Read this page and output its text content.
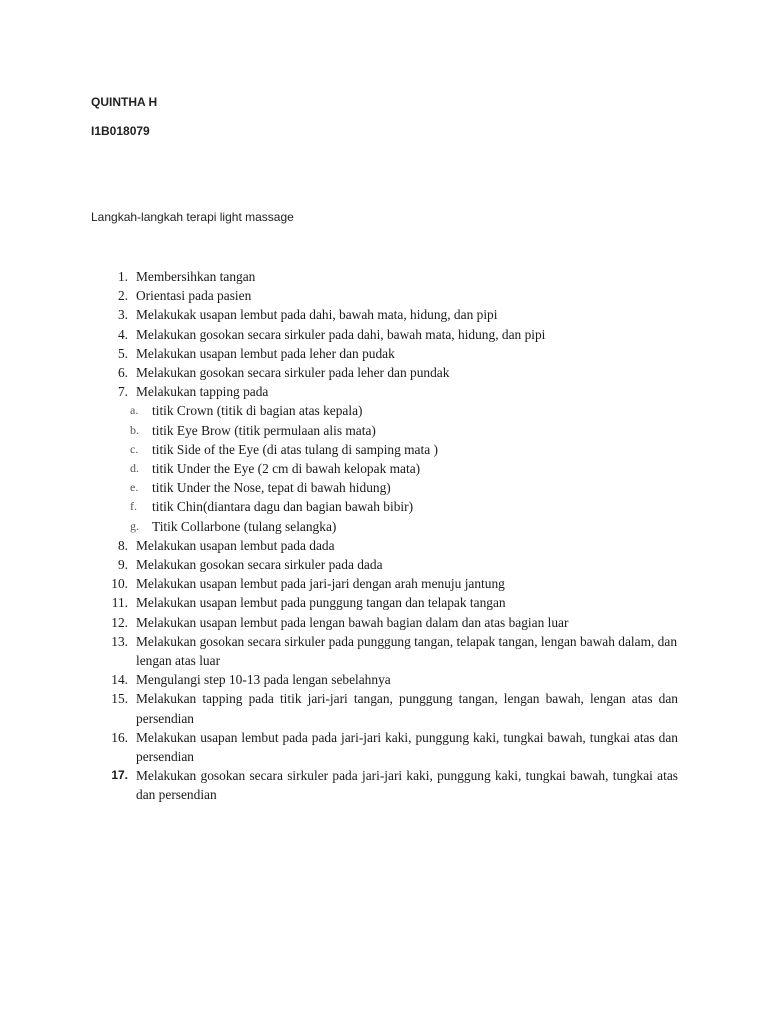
QUINTHA H
I1B018079
Langkah-langkah terapi light massage
1. Membersihkan tangan
2. Orientasi pada pasien
3. Melakukak usapan lembut pada dahi, bawah mata, hidung, dan pipi
4. Melakukan gosokan secara sirkuler pada dahi, bawah mata, hidung, dan pipi
5. Melakukan usapan lembut pada leher dan pudak
6. Melakukan gosokan secara sirkuler pada leher dan pundak
7. Melakukan tapping pada
a.	titik Crown (titik di bagian atas kepala)
b. titik Eye Brow (titik permulaan alis mata)
c.	titik Side of the Eye (di atas tulang di samping mata )
d. titik Under the Eye (2 cm di bawah kelopak mata)
e.	titik Under the Nose, tepat di bawah hidung)
f.	titik Chin(diantara dagu dan bagian bawah bibir)
g. Titik Collarbone (tulang selangka)
8. Melakukan usapan lembut pada dada
9. Melakukan gosokan secara sirkuler pada dada
10. Melakukan usapan lembut pada jari-jari dengan arah menuju jantung
11. Melakukan usapan lembut pada punggung tangan dan telapak tangan
12. Melakukan usapan lembut pada lengan bawah bagian dalam dan atas bagian luar
13. Melakukan gosokan secara sirkuler pada punggung tangan, telapak tangan, lengan bawah dalam, dan lengan atas luar
14. Mengulangi step 10-13 pada lengan sebelahnya
15. Melakukan tapping pada titik jari-jari tangan, punggung tangan, lengan bawah, lengan atas dan persendian
16. Melakukan usapan lembut pada pada jari-jari kaki, punggung kaki, tungkai bawah, tungkai atas dan persendian
17. Melakukan gosokan secara sirkuler pada jari-jari kaki, punggung kaki, tungkai bawah, tungkai atas dan persendian
